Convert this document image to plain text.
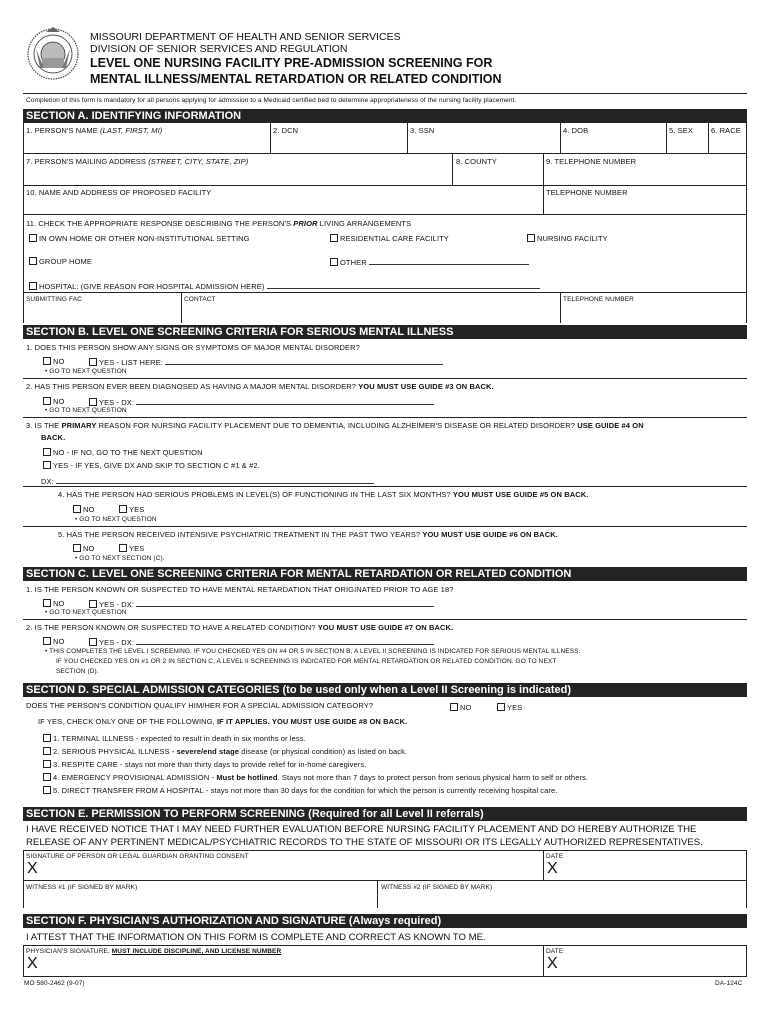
MISSOURI DEPARTMENT OF HEALTH AND SENIOR SERVICES
DIVISION OF SENIOR SERVICES AND REGULATION
LEVEL ONE NURSING FACILITY PRE-ADMISSION SCREENING FOR
MENTAL ILLNESS/MENTAL RETARDATION OR RELATED CONDITION
Completion of this form is mandatory for all persons applying for admission to a Medicaid certified bed to determine appropriateness of the nursing facility placement.
SECTION A. IDENTIFYING INFORMATION
1. PERSON'S NAME (LAST, FIRST, MI)	2. DCN	3. SSN	4. DOB	5. SEX 6. RACE
7. PERSON'S MAILING ADDRESS (STREET, CITY, STATE, ZIP)	8. COUNTY	9. TELEPHONE NUMBER
10. NAME AND ADDRESS OF PROPOSED FACILITY	TELEPHONE NUMBER
11. CHECK THE APPROPRIATE RESPONSE DESCRIBING THE PERSON'S PRIOR LIVING ARRANGEMENTS
IN OWN HOME OR OTHER NON-INSTITUTIONAL SETTING	RESIDENTIAL CARE FACILITY	NURSING FACILITY
GROUP HOME	OTHER
HOSPITAL: (GIVE REASON FOR HOSPITAL ADMISSION HERE)
SUBMITTING FAC	CONTACT	TELEPHONE NUMBER
SECTION B. LEVEL ONE SCREENING CRITERIA FOR SERIOUS MENTAL ILLNESS
1. DOES THIS PERSON SHOW ANY SIGNS OR SYMPTOMS OF MAJOR MENTAL DISORDER?
NO	YES - LIST HERE:
• GO TO NEXT QUESTION
2. HAS THIS PERSON EVER BEEN DIAGNOSED AS HAVING A MAJOR MENTAL DISORDER? YOU MUST USE GUIDE #3 ON BACK.
NO	YES - DX:
• GO TO NEXT QUESTION
3. IS THE PRIMARY REASON FOR NURSING FACILITY PLACEMENT DUE TO DEMENTIA, INCLUDING ALZHEIMER'S DISEASE OR RELATED DISORDER? USE GUIDE #4 ON
BACK.
NO - IF NO, GO TO THE NEXT QUESTION
YES - IF YES, GIVE DX AND SKIP TO SECTION C #1 & #2.
DX:
4. HAS THE PERSON HAD SERIOUS PROBLEMS IN LEVEL(S) OF FUNCTIONING IN THE LAST SIX MONTHS? YOU MUST USE GUIDE #5 ON BACK.
NO	YES
• GO TO NEXT QUESTION
5. HAS THE PERSON RECEIVED INTENSIVE PSYCHIATRIC TREATMENT IN THE PAST TWO YEARS? YOU MUST USE GUIDE #6 ON BACK.
NO	YES
• GO TO NEXT SECTION (C).
SECTION C. LEVEL ONE SCREENING CRITERIA FOR MENTAL RETARDATION OR RELATED CONDITION
1. IS THE PERSON KNOWN OR SUSPECTED TO HAVE MENTAL RETARDATION THAT ORIGINATED PRIOR TO AGE 18?
NO	YES - DX:
• GO TO NEXT QUESTION
2. IS THE PERSON KNOWN OR SUSPECTED TO HAVE A RELATED CONDITION? YOU MUST USE GUIDE #7 ON BACK.
NO	YES - DX:
• THIS COMPLETES THE LEVEL I SCREENING. IF YOU CHECKED YES ON #4 OR 5 IN SECTION B, A LEVEL II SCREENING IS INDICATED FOR SERIOUS MENTAL ILLNESS.
IF YOU CHECKED YES ON #1 OR 2 IN SECTION C, A LEVEL II SCREENING IS INDICATED FOR MENTAL RETARDATION OR RELATED CONDITION. GO TO NEXT
SECTION (D).
SECTION D. SPECIAL ADMISSION CATEGORIES (to be used only when a Level II Screening is indicated)
DOES THE PERSON'S CONDITION QUALIFY HIM/HER FOR A SPECIAL ADMISSION CATEGORY?	NO	YES
IF YES, CHECK ONLY ONE OF THE FOLLOWING, IF IT APPLIES. YOU MUST USE GUIDE #8 ON BACK.
1. TERMINAL ILLNESS - expected to result in death in six months or less.
2. SERIOUS PHYSICAL ILLNESS - severe/end stage disease (or physical condition) as listed on back.
3. RESPITE CARE - stays not more than thirty days to provide relief for in-home caregivers.
4. EMERGENCY PROVISIONAL ADMISSION - Must be hotlined. Stays not more than 7 days to protect person from serious physical harm to self or others.
5. DIRECT TRANSFER FROM A HOSPITAL - stays not more than 30 days for the condition for which the person is currently receiving hospital care.
SECTION E. PERMISSION TO PERFORM SCREENING (Required for all Level II referrals)
I HAVE RECEIVED NOTICE THAT I MAY NEED FURTHER EVALUATION BEFORE NURSING FACILITY PLACEMENT AND DO HEREBY AUTHORIZE THE
RELEASE OF ANY PERTINENT MEDICAL/PSYCHIATRIC RECORDS TO THE STATE OF MISSOURI OR ITS LEGALLY AUTHORIZED REPRESENTATIVES.
SIGNATURE OF PERSON OR LEGAL GUARDIAN GRANTING CONSENT
X
DATE
X
WITNESS #1 (IF SIGNED BY MARK)	WITNESS #2 (IF SIGNED BY MARK)
SECTION F. PHYSICIAN'S AUTHORIZATION AND SIGNATURE (Always required)
I ATTEST THAT THE INFORMATION ON THIS FORM IS COMPLETE AND CORRECT AS KNOWN TO ME.
PHYSICIAN'S SIGNATURE, MUST INCLUDE DISCIPLINE, AND LICENSE NUMBER
X
DATE
X
MO 580-2462 (9-07)	DA-124C
